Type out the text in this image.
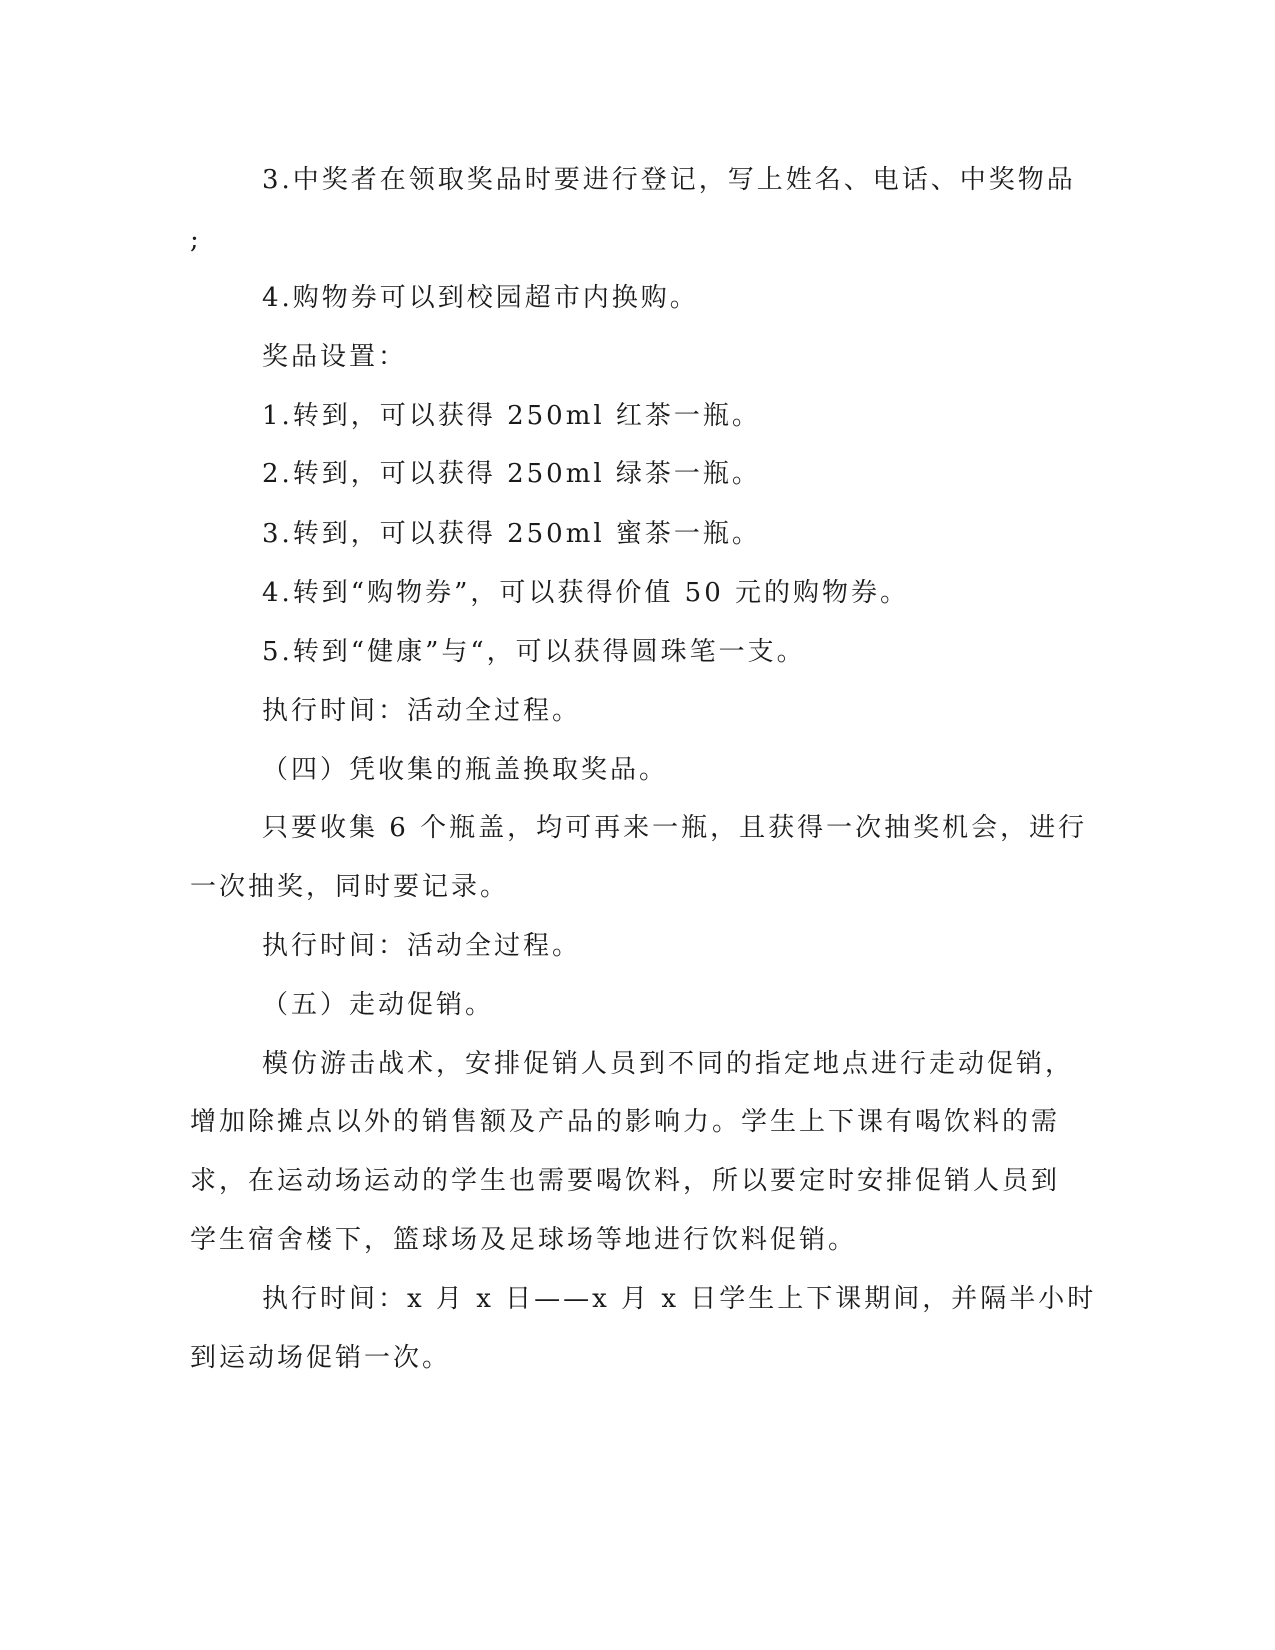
3.中奖者在领取奖品时要进行登记，写上姓名、电话、中奖物品
;
4.购物券可以到校园超市内换购。
奖品设置：
1.转到，可以获得 250ml 红茶一瓶。
2.转到，可以获得 250ml 绿茶一瓶。
3.转到，可以获得 250ml 蜜茶一瓶。
4.转到“购物券”，可以获得价值 50 元的购物券。
5.转到“健康”与“，可以获得圆珠笔一支。
执行时间：活动全过程。
（四）凭收集的瓶盖换取奖品。
只要收集 6 个瓶盖，均可再来一瓶，且获得一次抽奖机会，进行
一次抽奖，同时要记录。
执行时间：活动全过程。
（五）走动促销。
模仿游击战术，安排促销人员到不同的指定地点进行走动促销，
增加除摊点以外的销售额及产品的影响力。学生上下课有喝饮料的需
求，在运动场运动的学生也需要喝饮料，所以要定时安排促销人员到
学生宿舍楼下，篮球场及足球场等地进行饮料促销。
执行时间：x 月 x 日——x 月 x 日学生上下课期间，并隔半小时
到运动场促销一次。
